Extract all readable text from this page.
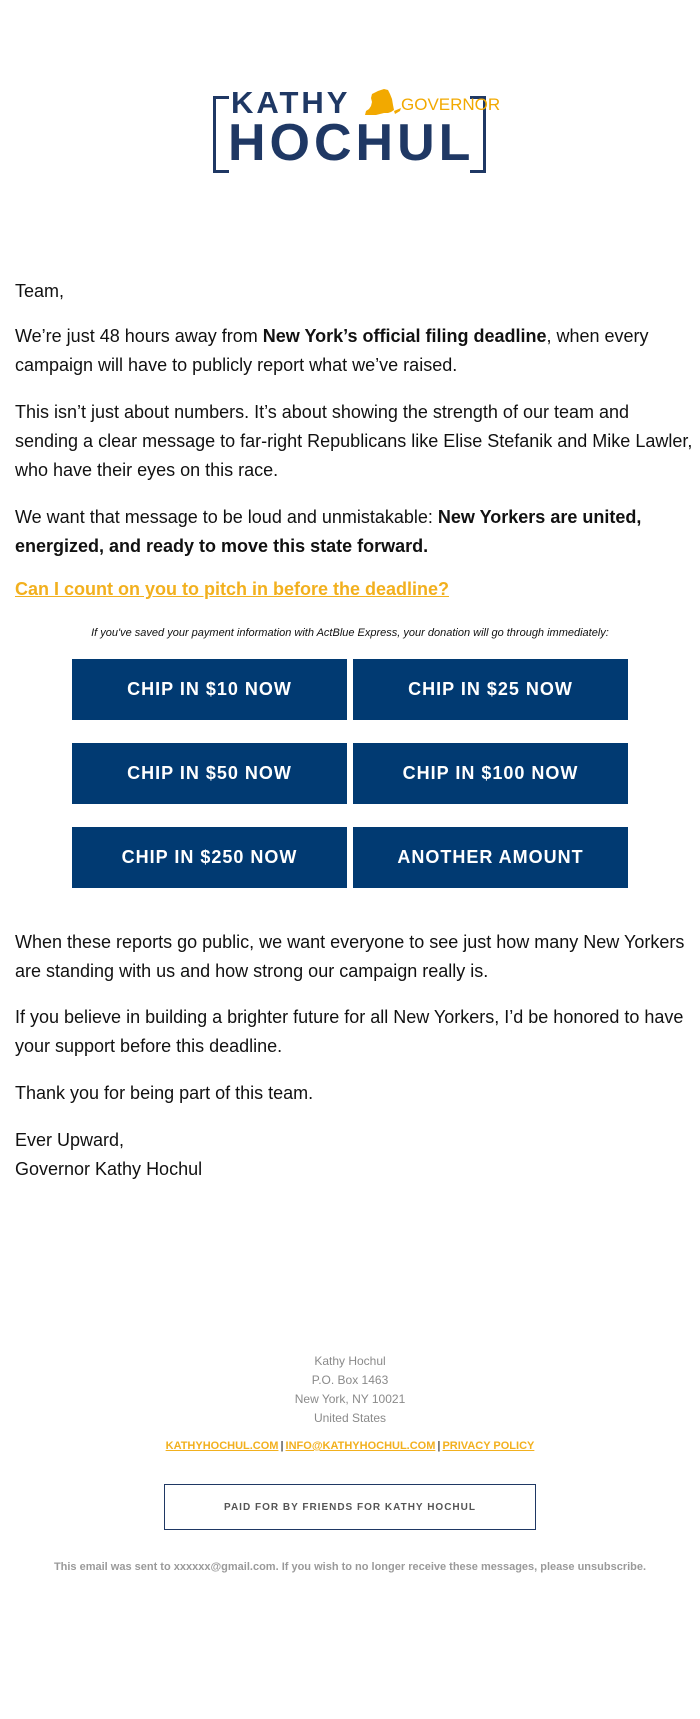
KATHY	GOVERNOR
HOCHUL

Team,

We’re just 48 hours away from New York’s official filing deadline, when every campaign will have to publicly report what we’ve raised.

This isn’t just about numbers. It’s about showing the strength of our team and sending a clear message to far-right Republicans like Elise Stefanik and Mike Lawler, who have their eyes on this race.

We want that message to be loud and unmistakable: New Yorkers are united, energized, and ready to move this state forward.

Can I count on you to pitch in before the deadline?
If you've saved your payment information with ActBlue Express, your donation will go through immediately:
CHIP IN $10 NOW	CHIP IN $25 NOW
CHIP IN $50 NOW	CHIP IN $100 NOW
CHIP IN $250 NOW	ANOTHER AMOUNT

When these reports go public, we want everyone to see just how many New Yorkers are standing with us and how strong our campaign really is.

If you believe in building a brighter future for all New Yorkers, I’d be honored to have your support before this deadline.

Thank you for being part of this team.

Ever Upward,

Governor Kathy Hochul

Kathy Hochul
P.O. Box 1463
New York, NY 10021
United States
KATHYHOCHUL.COM | INFO@KATHYHOCHUL.COM | PRIVACY POLICY
PAID FOR BY FRIENDS FOR KATHY HOCHUL
This email was sent to xxxxxx@gmail.com. If you wish to no longer receive these messages, please unsubscribe.
